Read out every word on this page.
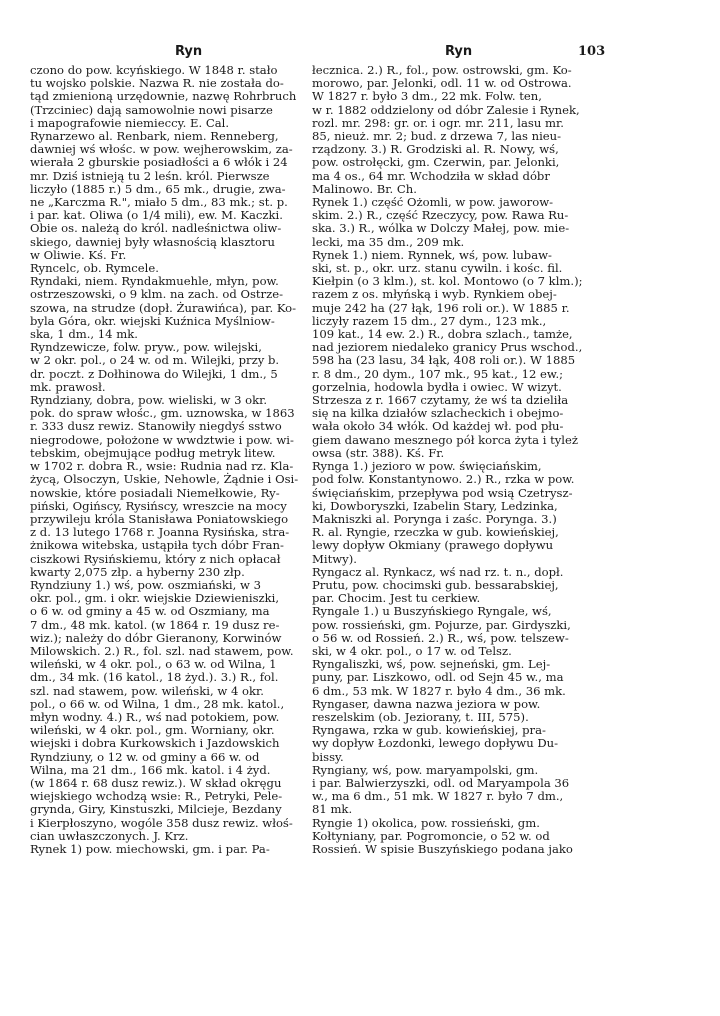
Ryn	Ryn	103
czono do pow. kcyńskiego. W 1848 r. stało
tu wojsko polskie. Nazwa R. nie została do-
tąd zmienioną urzędownie, nazwę Rohrbruch
(Trzciniec) dają samowolnie nowi pisarze
i mapografowie niemieccy. E. Cal.
Rynarzewo al. Renbark, niem. Renneberg,
dawniej wś włośc. w pow. wejherowskim, za-
wierała 2 gburskie posiadłości a 6 włók i 24
mr. Dziś istnieją tu 2 leśn. król. Pierwsze
liczyło (1885 r.) 5 dm., 65 mk., drugie, zwa-
ne „Karczma R.", miało 5 dm., 83 mk.; st. p.
i par. kat. Oliwa (o 1/4 mili), ew. M. Kaczki.
Obie os. należą do król. nadleśnictwa oliw-
skiego, dawniej były własnością klasztoru
w Oliwie. Kś. Fr.
Ryncelc, ob. Rymcele.
Ryndaki, niem. Ryndakmuehle, młyn, pow.
ostrzeszowski, o 9 klm. na zach. od Ostrze-
szowa, na strudze (dopł. Żurawińca), par. Ko-
byla Góra, okr. wiejski Kuźnica Myślniow-
ska, 1 dm., 14 mk.
Ryndzewicze, folw. pryw., pow. wilejski,
w 2 okr. pol., o 24 w. od m. Wilejki, przy b.
dr. poczt. z Dołhinowa do Wilejki, 1 dm., 5
mk. prawosł.
Ryndziany, dobra, pow. wieliski, w 3 okr.
pok. do spraw włośc., gm. uznowska, w 1863
r. 333 dusz rewiz. Stanowiły niegdyś sstwo
niegrodowe, położone w wwdztwie i pow. wi-
tebskim, obejmujące podług metryk litew.
w 1702 r. dobra R., wsie: Rudnia nad rz. Kla-
życą, Olsoczyn, Uskie, Nehowle, Żądnie i Osi-
nowskie, które posiadali Niemełkowie, Ry-
piński, Ogińscy, Rysińscy, wreszcie na mocy
przywileju króla Stanisława Poniatowskiego
z d. 13 lutego 1768 r. Joanna Rysińska, stra-
żnikowa witebska, ustąpiła tych dóbr Fran-
ciszkowi Rysińskiemu, który z nich opłacał
kwarty 2,075 złp. a hyberny 230 złp.
Ryndziuny 1.) wś, pow. oszmiański, w 3
okr. pol., gm. i okr. wiejskie Dziewieniszki,
o 6 w. od gminy a 45 w. od Oszmiany, ma
7 dm., 48 mk. katol. (w 1864 r. 19 dusz re-
wiz.); należy do dóbr Gieranony, Korwinów
Milowskich. 2.) R., fol. szl. nad stawem, pow.
wileński, w 4 okr. pol., o 63 w. od Wilna, 1
dm., 34 mk. (16 katol., 18 żyd.). 3.) R., fol.
szl. nad stawem, pow. wileński, w 4 okr.
pol., o 66 w. od Wilna, 1 dm., 28 mk. katol.,
młyn wodny. 4.) R., wś nad potokiem, pow.
wileński, w 4 okr. pol., gm. Worniany, okr.
wiejski i dobra Kurkowskich i Jazdowskich
Ryndziuny, o 12 w. od gminy a 66 w. od
Wilna, ma 21 dm., 166 mk. katol. i 4 żyd.
(w 1864 r. 68 dusz rewiz.). W skład okręgu
wiejskiego wchodzą wsie: R., Petryki, Pele-
gryndа, Giry, Kinstuszki, Milcieje, Bezdany
i Kierpłoszyno, wogóle 358 dusz rewiz. włoś-
cian uwłaszczonych. J. Krz.
Rynek 1) pow. miechowski, gm. i par. Pa-
łecznica. 2.) R., fol., pow. ostrowski, gm. Ko-
morowo, par. Jelonki, odl. 11 w. od Ostrowa.
W 1827 r. było 3 dm., 22 mk. Folw. ten,
w r. 1882 oddzielony od dóbr Zalesie i Rynek,
rozl. mr. 298: gr. or. i ogr. mr. 211, lasu mr.
85, nieuż. mr. 2; bud. z drzewa 7, las nieu-
rządzony. 3.) R. Grodziski al. R. Nowy, wś,
pow. ostrołęcki, gm. Czerwin, par. Jelonki,
ma 4 os., 64 mr. Wchodziła w skład dóbr
Malinowo. Br. Ch.
Rynek 1.) część Ożomli, w pow. jaworow-
skim. 2.) R., część Rzeczycy, pow. Rawa Ru-
ska. 3.) R., wólka w Dolczy Małej, pow. mie-
lecki, ma 35 dm., 209 mk.
Rynek 1.) niem. Rynnek, wś, pow. lubaw-
ski, st. p., okr. urz. stanu cywiln. i kośc. fil.
Kiełpin (o 3 klm.), st. kol. Montowo (o 7 klm.);
razem z os. młyńską i wyb. Rynkiem obej-
muje 242 ha (27 łąk, 196 roli or.). W 1885 r.
liczyły razem 15 dm., 27 dym., 123 mk.,
109 kat., 14 ew. 2.) R., dobra szlach., tamże,
nad jeziorem niedaleko granicy Prus wschod.,
598 ha (23 lasu, 34 łąk, 408 roli or.). W 1885
r. 8 dm., 20 dym., 107 mk., 95 kat., 12 ew.;
gorzelnia, hodowla bydła i owiec. W wizyt.
Strzesza z r. 1667 czytamy, że wś ta dzieliła
się na kilka działów szlacheckich i obejmo-
wała około 34 włók. Od każdej wł. pod płu-
giem dawano mesznego pół korca żyta i tyleż
owsa (str. 388). Kś. Fr.
Rynga 1.) jezioro w pow. święciańskim,
pod folw. Konstantynowo. 2.) R., rzka w pow.
święciańskim, przepływa pod wsią Czetrysz-
ki, Dowboryszki, Izabelin Stary, Ledzinka,
Makniszki al. Porynga i zaśc. Porynga. 3.)
R. al. Ryngie, rzeczka w gub. kowieńskiej,
lewy dopływ Okmiany (prawego dopływu
Mitwy).
Ryngacz al. Rynkacz, wś nad rz. t. n., dopł.
Prutu, pow. chocimski gub. bessarabskiej,
par. Chocim. Jest tu cerkiew.
Ryngale 1.) u Buszyńskiego Ryngale, wś,
pow. rossieński, gm. Pojurze, par. Girdyszki,
o 56 w. od Rossień. 2.) R., wś, pow. telszew-
ski, w 4 okr. pol., o 17 w. od Telsz.
Ryngaliszki, wś, pow. sejneński, gm. Lej-
puny, par. Liszkowo, odl. od Sejn 45 w., ma
6 dm., 53 mk. W 1827 r. było 4 dm., 36 mk.
Ryngaser, dawna nazwa jeziora w pow.
reszelskim (ob. Jeziorany, t. III, 575).
Ryngawa, rzka w gub. kowieńskiej, pra-
wy dopływ Łozdonki, lewego dopływu Du-
bissy.
Ryngiany, wś, pow. maryampolski, gm.
i par. Balwierzyszki, odl. od Maryampola 36
w., ma 6 dm., 51 mk. W 1827 r. było 7 dm.,
81 mk.
Ryngie 1) okolica, pow. rossieński, gm.
Kołtyniany, par. Pogromoncie, o 52 w. od
Rossień. W spisie Buszyńskiego podana jako
